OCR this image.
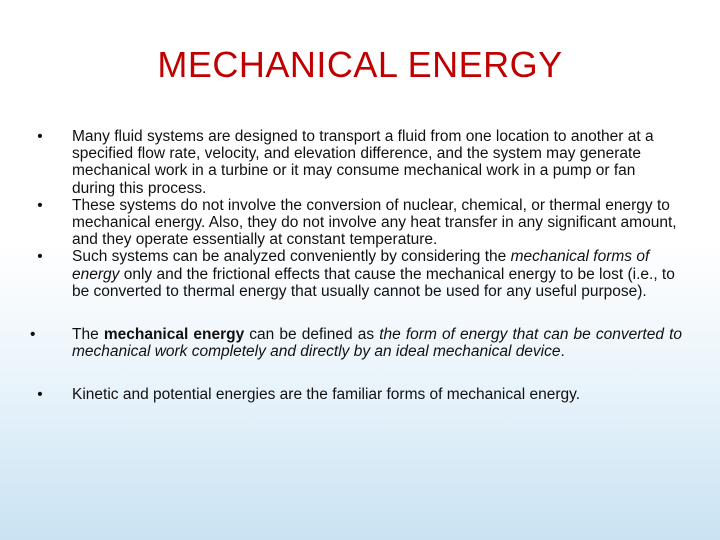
MECHANICAL ENERGY
•	Many fluid systems are designed to transport a fluid from one location to another at a specified flow rate, velocity, and elevation difference, and the system may generate mechanical work in a turbine or it may consume mechanical work in a pump or fan during this process.
•	These systems do not involve the conversion of nuclear, chemical, or thermal energy to mechanical energy. Also, they do not involve any heat transfer in any significant amount, and they operate essentially at constant temperature.
•	Such systems can be analyzed conveniently by considering the mechanical forms of energy only and the frictional effects that cause the mechanical energy to be lost (i.e., to be converted to thermal energy that usually cannot be used for any useful purpose).
•	The mechanical energy can be defined as the form of energy that can be converted to mechanical work completely and directly by an ideal mechanical device.
•	Kinetic and potential energies are the familiar forms of mechanical energy.
